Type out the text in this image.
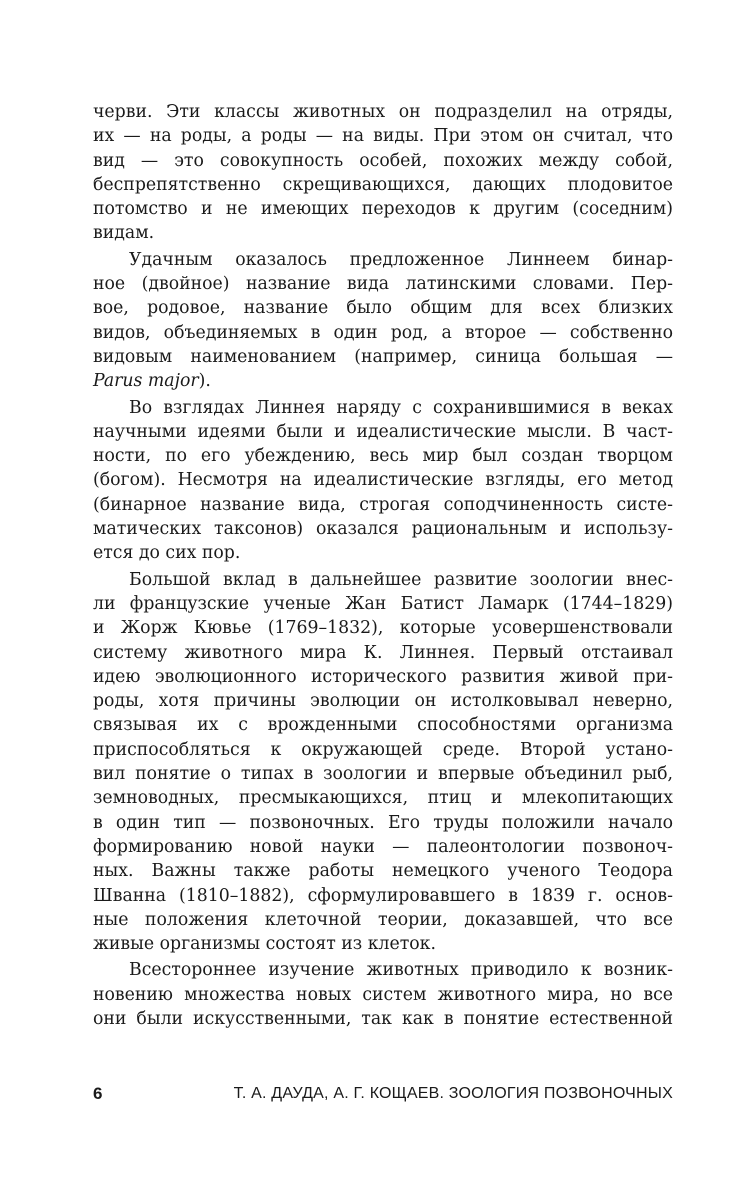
черви. Эти классы животных он подразделил на отряды,
их — на роды, а роды — на виды. При этом он считал, что
вид — это совокупность особей, похожих между собой,
беспрепятственно скрещивающихся, дающих плодовитое
потомство и не имеющих переходов к другим (соседним)
видам.
Удачным оказалось предложенное Линнеем бинар-
ное (двойное) название вида латинскими словами. Пер-
вое, родовое, название было общим для всех близких
видов, объединяемых в один род, а второе — собственно
видовым наименованием (например, синица большая —
Parus major).
Во взглядах Линнея наряду с сохранившимися в веках
научными идеями были и идеалистические мысли. В част-
ности, по его убеждению, весь мир был создан творцом
(богом). Несмотря на идеалистические взгляды, его метод
(бинарное название вида, строгая соподчиненность систе-
матических таксонов) оказался рациональным и использу-
ется до сих пор.
Большой вклад в дальнейшее развитие зоологии внес-
ли французские ученые Жан Батист Ламарк (1744–1829)
и Жорж Кювье (1769–1832), которые усовершенствовали
систему животного мира К. Линнея. Первый отстаивал
идею эволюционного исторического развития живой при-
роды, хотя причины эволюции он истолковывал неверно,
связывая их с врожденными способностями организма
приспособляться к окружающей среде. Второй устано-
вил понятие о типах в зоологии и впервые объединил рыб,
земноводных, пресмыкающихся, птиц и млекопитающих
в один тип — позвоночных. Его труды положили начало
формированию новой науки — палеонтологии позвоноч-
ных. Важны также работы немецкого ученого Теодора
Шванна (1810–1882), сформулировавшего в 1839 г. основ-
ные положения клеточной теории, доказавшей, что все
живые организмы состоят из клеток.
Всестороннее изучение животных приводило к возник-
новению множества новых систем животного мира, но все
они были искусственными, так как в понятие естественной
6	Т. А. ДАУДА, А. Г. КОЩАЕВ. ЗООЛОГИЯ ПОЗВОНОЧНЫХ
